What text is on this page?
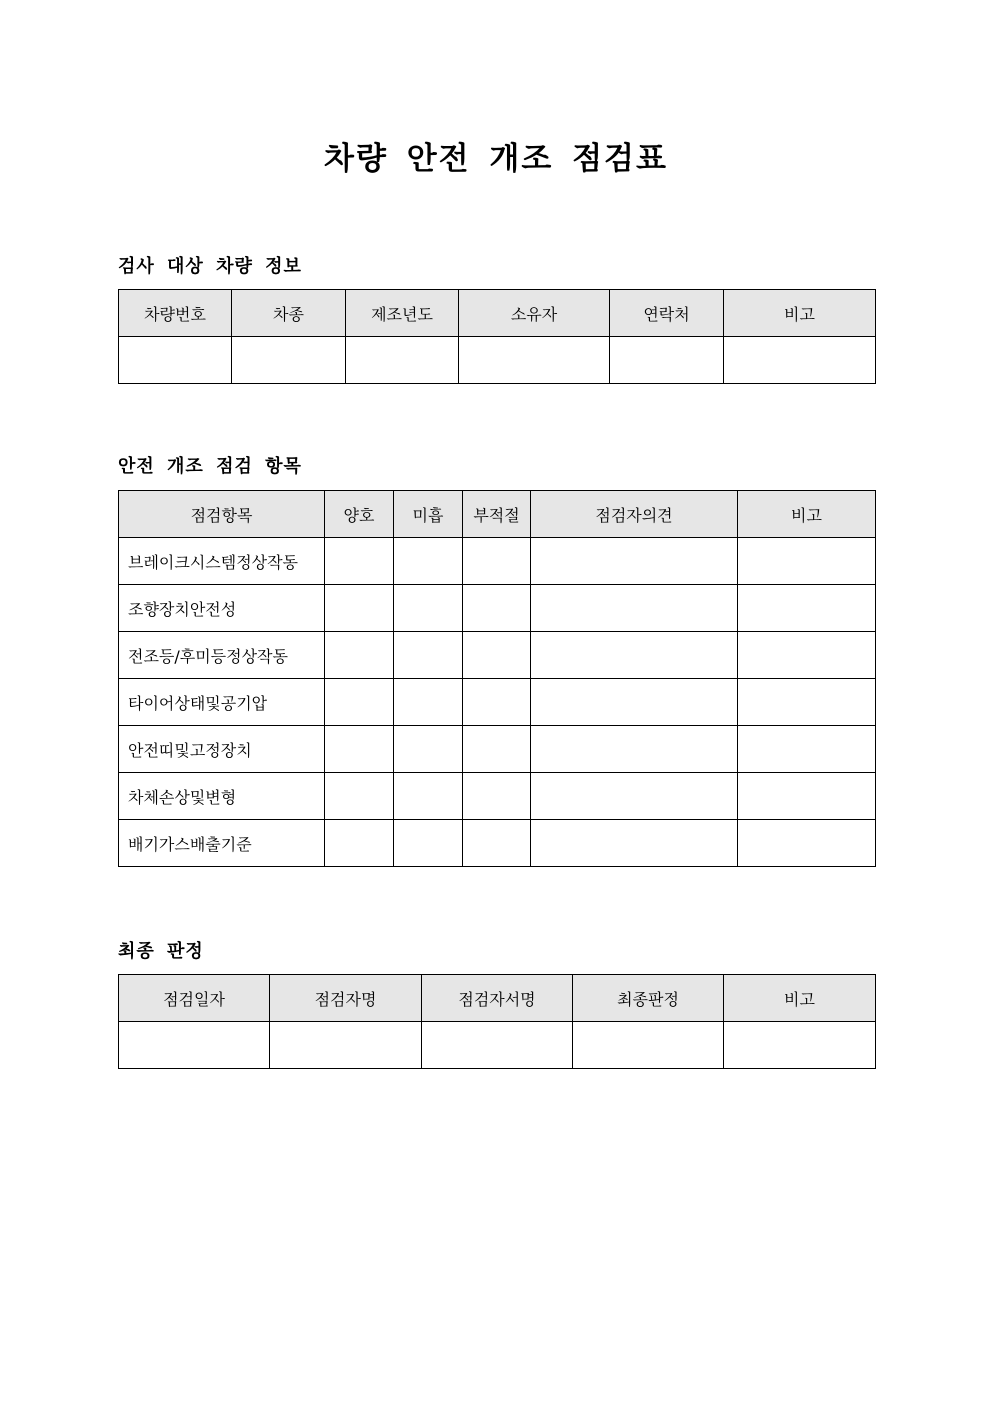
차량 안전 개조 점검표
검사 대상 차량 정보
차량번호	차종	제조년도	소유자	연락처	비고

안전 개조 점검 항목
점검항목	양호	미흡	부적절	점검자의견	비고
브레이크시스템정상작동					
조향장치안전성					
전조등/후미등정상작동					
타이어상태및공기압					
안전띠및고정장치					
차체손상및변형					
배기가스배출기준					
최종 판정
점검일자	점검자명	점검자서명	최종판정	비고
